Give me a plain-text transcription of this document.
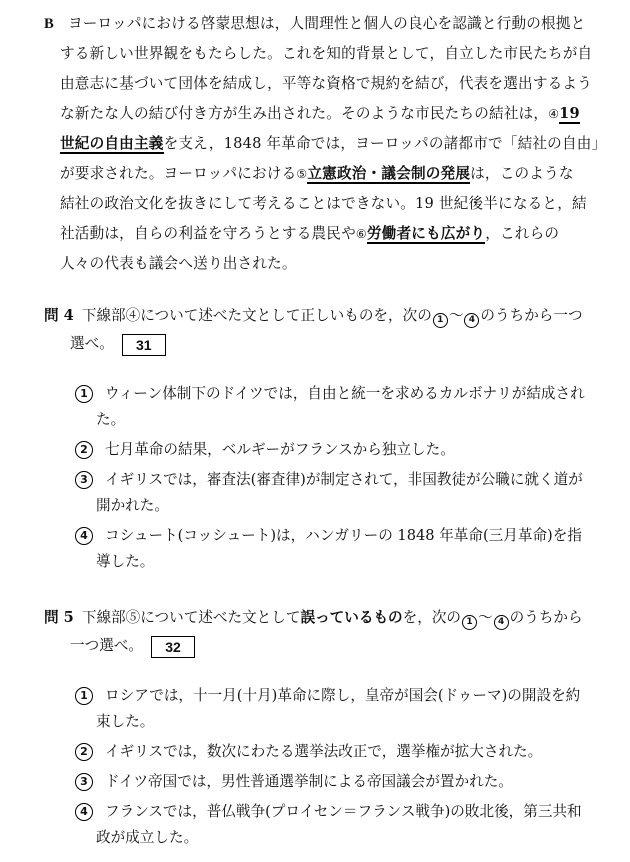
B ヨーロッパにおける啓蒙思想は，人間理性と個人の良心を認識と行動の根拠と
する新しい世界観をもたらした。これを知的背景として，自立した市民たちが自
由意志に基づいて団体を結成し，平等な資格で規約を結び，代表を選出するよう
な新たな人の結び付き方が生み出された。そのような市民たちの結社は，④19
世紀の自由主義を支え，1848 年革命では，ヨーロッパの諸都市で「結社の自由」
が要求された。ヨーロッパにおける⑤立憲政治・議会制の発展は，このような
結社の政治文化を抜きにして考えることはできない。19 世紀後半になると，結
社活動は，自らの利益を守ろうとする農民や⑥労働者にも広がり，これらの
人々の代表も議会へ送り出された。
問 4 下線部④について述べた文として正しいものを，次の 1 ～ 4 のうちから一つ
選べ。 31
1 ウィーン体制下のドイツでは，自由と統一を求めるカルボナリが結成され
た。
2 七月革命の結果，ベルギーがフランスから独立した。
3 イギリスでは，審査法(審査律)が制定されて，非国教徒が公職に就く道が
開かれた。
4 コシュート(コッシュート)は，ハンガリーの 1848 年革命(三月革命)を指
導した。
問 5 下線部⑤について述べた文として誤っているものを，次の 1 ～ 4 のうちから
一つ選べ。 32
1 ロシアでは，十一月(十月)革命に際し，皇帝が国会(ドゥーマ)の開設を約
束した。
2 イギリスでは，数次にわたる選挙法改正で，選挙権が拡大された。
3 ドイツ帝国では，男性普通選挙制による帝国議会が置かれた。
4 フランスでは，普仏戦争(プロイセン＝フランス戦争)の敗北後，第三共和
政が成立した。
